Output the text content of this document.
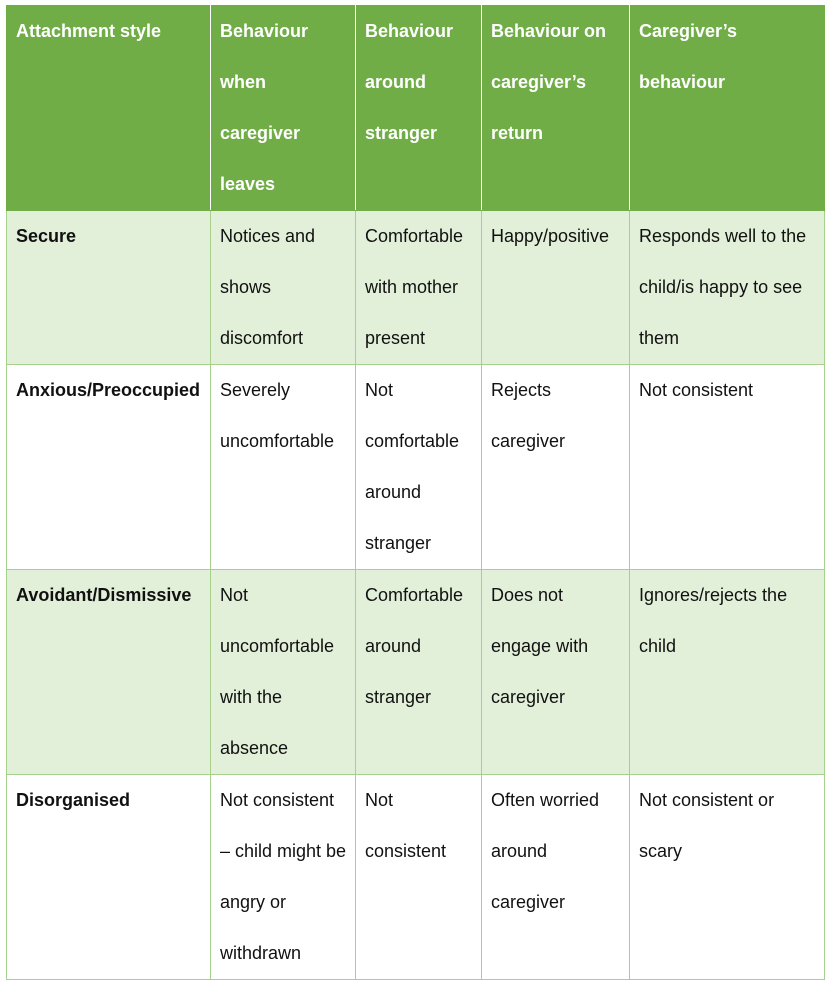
Attachment style	Behaviour when caregiver leaves	Behaviour around stranger	Behaviour on caregiver’s return	Caregiver’s behaviour
Secure	Notices and shows discomfort	Comfortable with mother present	Happy/positive	Responds well to the child/is happy to see them
Anxious/Preoccupied	Severely uncomfortable	Not comfortable around stranger	Rejects caregiver	Not consistent
Avoidant/Dismissive	Not uncomfortable with the absence	Comfortable around stranger	Does not engage with caregiver	Ignores/rejects the child
Disorganised	Not consistent – child might be angry or withdrawn	Not consistent	Often worried around caregiver	Not consistent or scary
